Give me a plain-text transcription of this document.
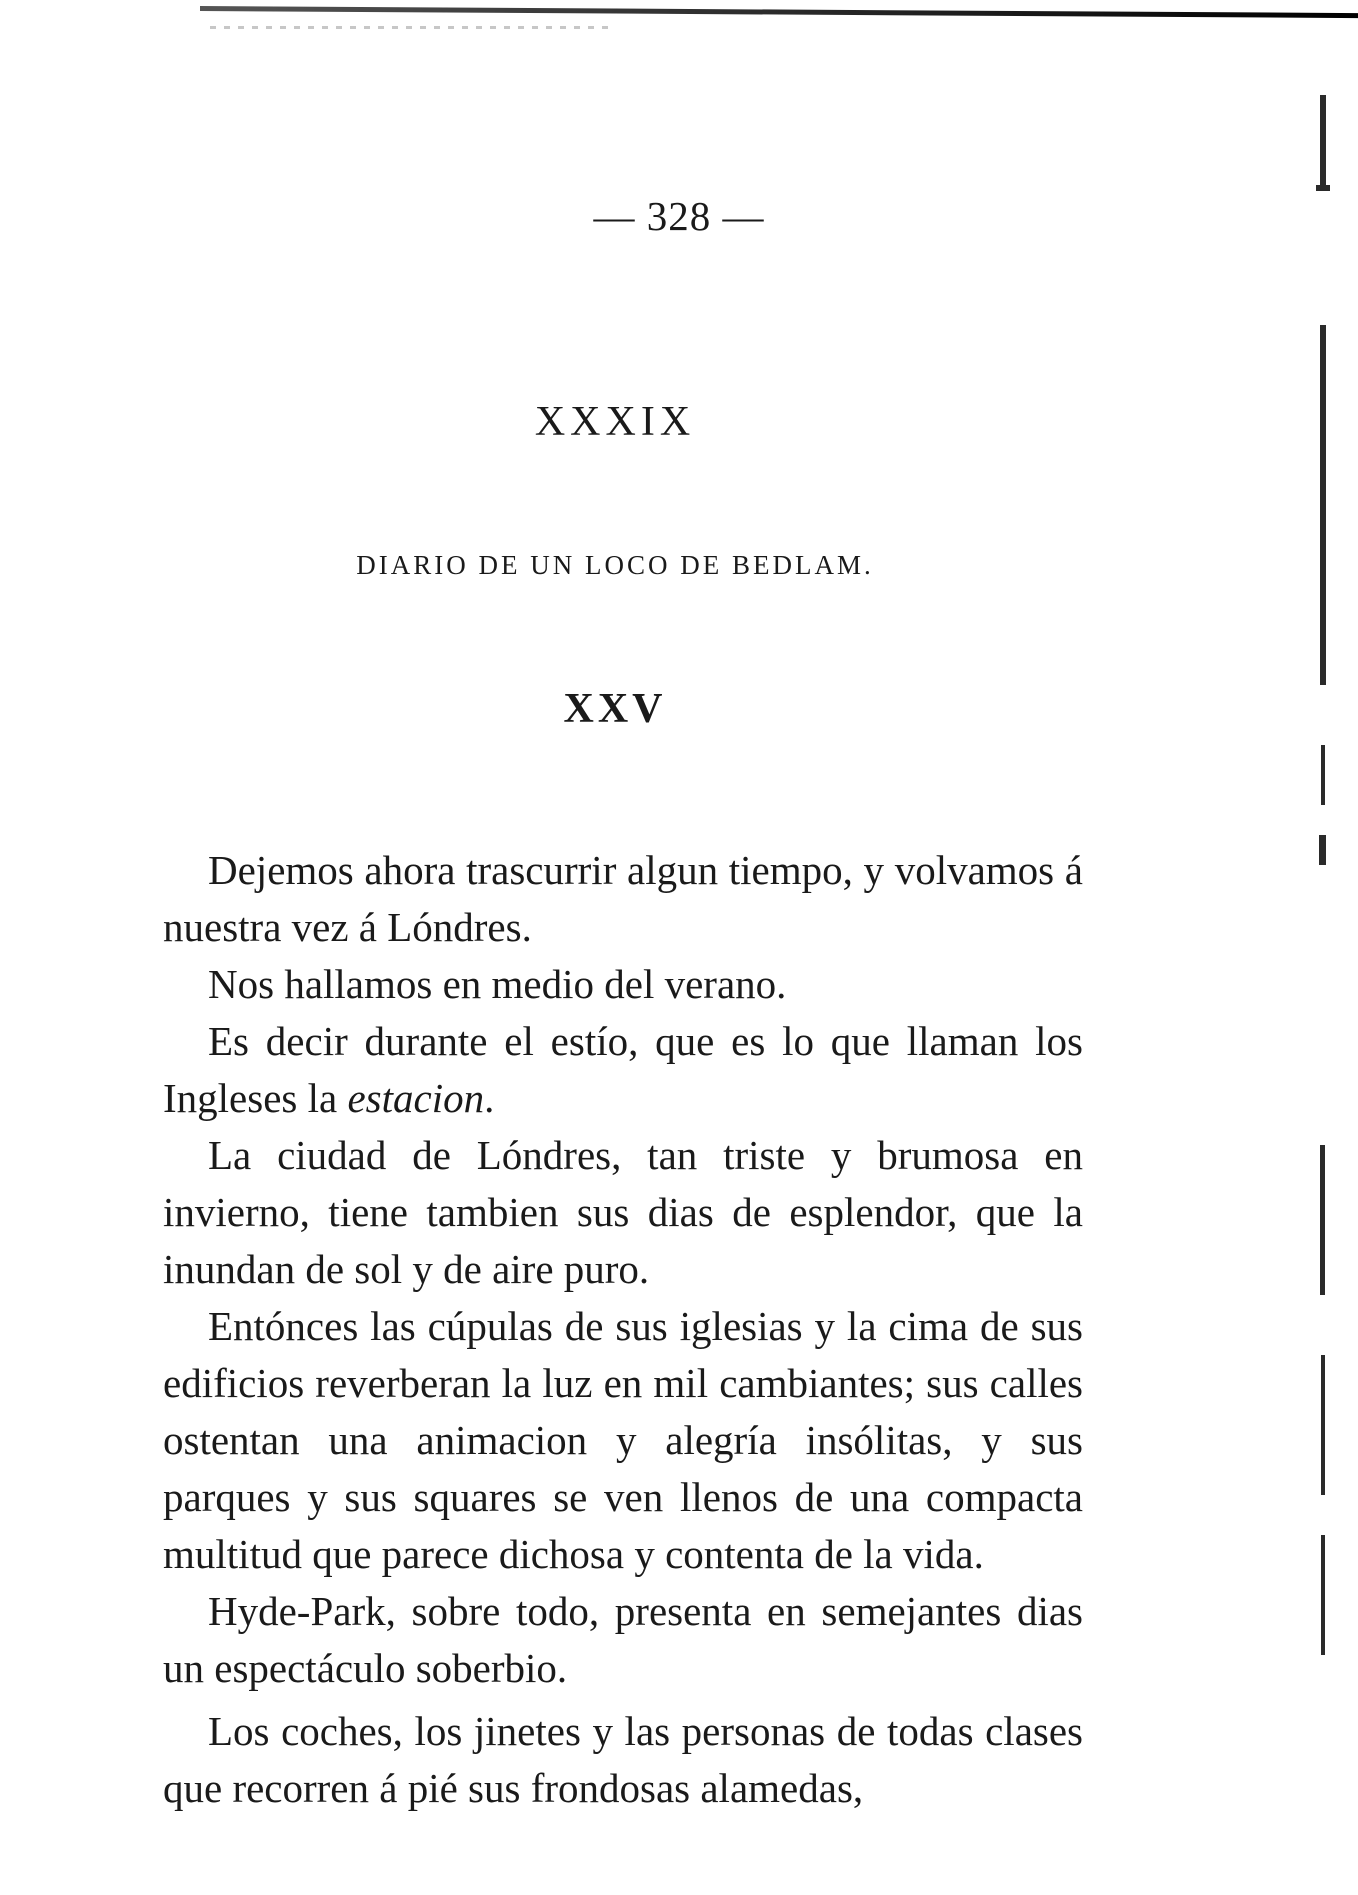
— 328 —
XXXIX
DIARIO DE UN LOCO DE BEDLAM.
XXV

Dejemos ahora trascurrir algun tiempo, y volvamos á nuestra vez á Lóndres.

Nos hallamos en medio del verano.

Es decir durante el estío, que es lo que llaman los Ingleses la estacion.

La ciudad de Lóndres, tan triste y brumosa en invierno, tiene tambien sus dias de esplendor, que la inundan de sol y de aire puro.

Entónces las cúpulas de sus iglesias y la cima de sus edificios reverberan la luz en mil cambiantes; sus calles ostentan una animacion y alegría insólitas, y sus parques y sus squares se ven llenos de una compacta multitud que parece dichosa y contenta de la vida.

Hyde-Park, sobre todo, presenta en semejantes dias un espectáculo soberbio.

Los coches, los jinetes y las personas de todas clases que recorren á pié sus frondosas alamedas,
